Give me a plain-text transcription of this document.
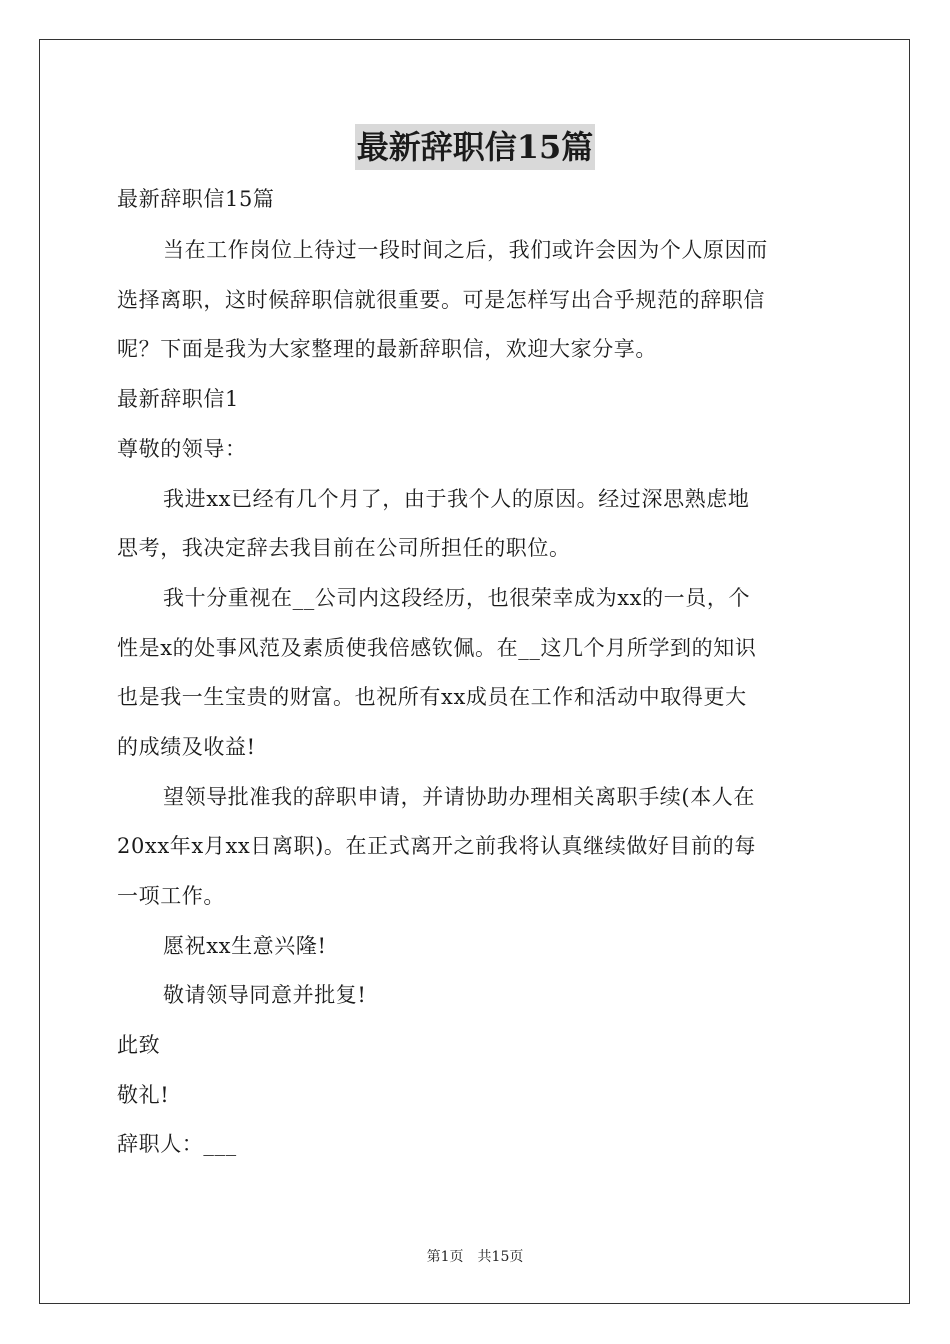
最新辞职信15篇
最新辞职信15篇
当在工作岗位上待过一段时间之后，我们或许会因为个人原因而
选择离职，这时候辞职信就很重要。可是怎样写出合乎规范的辞职信
呢？下面是我为大家整理的最新辞职信，欢迎大家分享。
最新辞职信1
尊敬的领导：
我进xx已经有几个月了，由于我个人的原因。经过深思熟虑地
思考，我决定辞去我目前在公司所担任的职位。
我十分重视在__公司内这段经历，也很荣幸成为xx的一员，个
性是x的处事风范及素质使我倍感钦佩。在__这几个月所学到的知识
也是我一生宝贵的财富。也祝所有xx成员在工作和活动中取得更大
的成绩及收益!
望领导批准我的辞职申请，并请协助办理相关离职手续(本人在
20xx年x月xx日离职)。在正式离开之前我将认真继续做好目前的每
一项工作。
愿祝xx生意兴隆!
敬请领导同意并批复!
此致
敬礼!
辞职人：___
第1页　共15页
